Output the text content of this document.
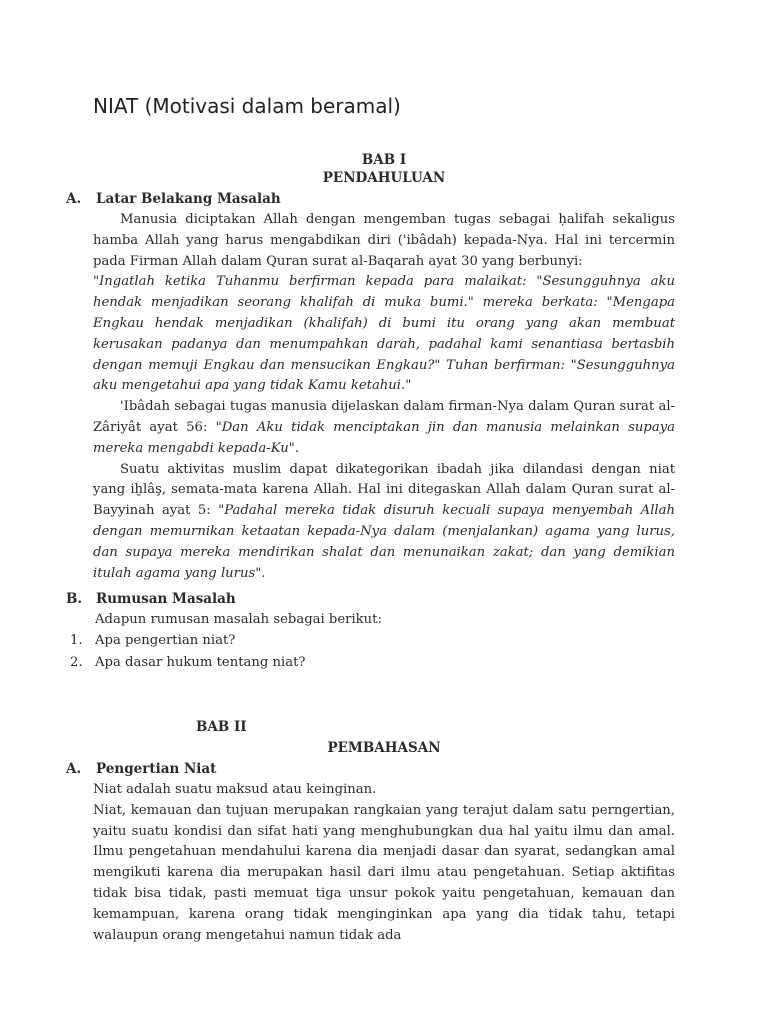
NIAT (Motivasi dalam beramal)
BAB I
PENDAHULUAN
A. Latar Belakang Masalah

Manusia diciptakan Allah dengan mengemban tugas sebagai ḥalifah sekaligus hamba Allah yang harus mengabdikan diri ('ibâdah) kepada-Nya. Hal ini tercermin pada Firman Allah dalam Quran surat al-Baqarah ayat 30 yang berbunyi:

"Ingatlah ketika Tuhanmu berfirman kepada para malaikat: "Sesungguhnya aku hendak menjadikan seorang khalifah di muka bumi." mereka berkata: "Mengapa Engkau hendak menjadikan (khalifah) di bumi itu orang yang akan membuat kerusakan padanya dan menumpahkan darah, padahal kami senantiasa bertasbih dengan memuji Engkau dan mensucikan Engkau?" Tuhan berfirman: "Sesungguhnya aku mengetahui apa yang tidak Kamu ketahui."

'Ibâdah sebagai tugas manusia dijelaskan dalam firman-Nya dalam Quran surat al-Zâriyât ayat 56: "Dan Aku tidak menciptakan jin dan manusia melainkan supaya mereka mengabdi kepada-Ku".

Suatu aktivitas muslim dapat dikategorikan ibadah jika dilandasi dengan niat yang iḫlâş, semata-mata karena Allah. Hal ini ditegaskan Allah dalam Quran surat al-Bayyinah ayat 5: "Padahal mereka tidak disuruh kecuali supaya menyembah Allah dengan memurnikan ketaatan kepada-Nya dalam (menjalankan) agama yang lurus, dan supaya mereka mendirikan shalat dan menunaikan zakat; dan yang demikian itulah agama yang lurus".

B. Rumusan Masalah
Adapun rumusan masalah sebagai berikut:
1. Apa pengertian niat?
2. Apa dasar hukum tentang niat?
BAB II
PEMBAHASAN
A. Pengertian Niat

Niat adalah suatu maksud atau keinginan.

Niat, kemauan dan tujuan merupakan rangkaian yang terajut dalam satu perngertian, yaitu suatu kondisi dan sifat hati yang menghubungkan dua hal yaitu ilmu dan amal. Ilmu pengetahuan mendahului karena dia menjadi dasar dan syarat, sedangkan amal mengikuti karena dia merupakan hasil dari ilmu atau pengetahuan. Setiap aktifitas tidak bisa tidak, pasti memuat tiga unsur pokok yaitu pengetahuan, kemauan dan kemampuan, karena orang tidak menginginkan apa yang dia tidak tahu, tetapi walaupun orang mengetahui namun tidak ada
